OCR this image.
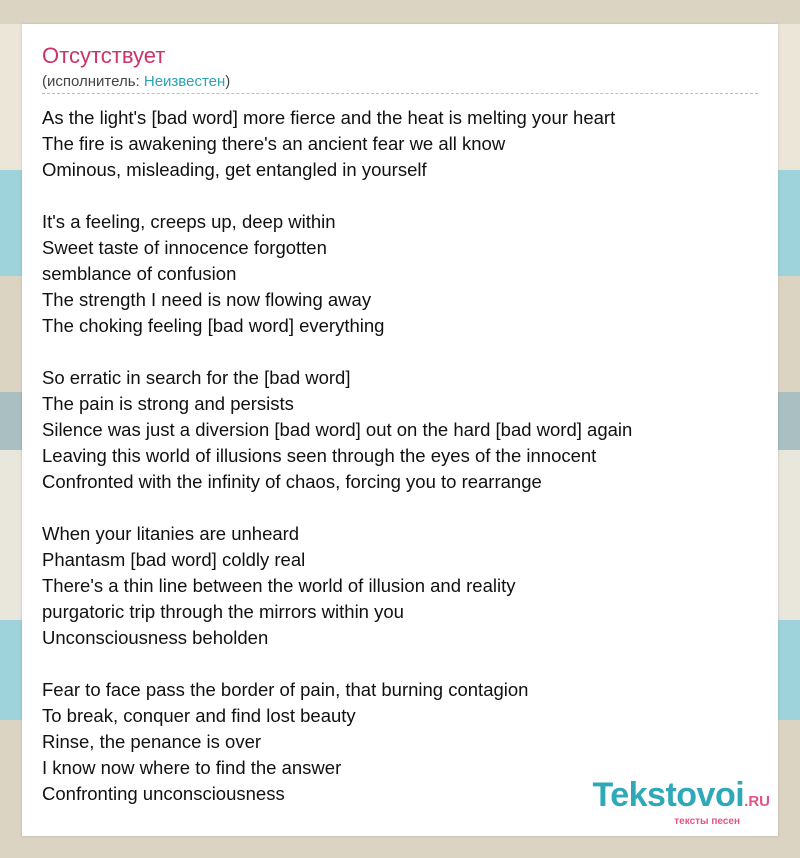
Отсутствует
(исполнитель: Неизвестен)
As the light's [bad word] more fierce and the heat is melting your heart
The fire is awakening there's an ancient fear we all know
Ominous, misleading, get entangled in yourself
It's a feeling, creeps up, deep within
Sweet taste of innocence forgotten
semblance of confusion
The strength I need is now flowing away
The choking feeling [bad word] everything
So erratic in search for the [bad word]
The pain is strong and persists
Silence was just a diversion [bad word] out on the hard [bad word] again
Leaving this world of illusions seen through the eyes of the innocent
Confronted with the infinity of chaos, forcing you to rearrange
When your litanies are unheard
Phantasm [bad word] coldly real
There's a thin line between the world of illusion and reality
purgatoric trip through the mirrors within you
Unconsciousness beholden
Fear to face pass the border of pain, that burning contagion
To break, conquer and find lost beauty
Rinse, the penance is over
I know now where to find the answer
Confronting unconsciousness	Tekstovoi.RU
тексты песен
